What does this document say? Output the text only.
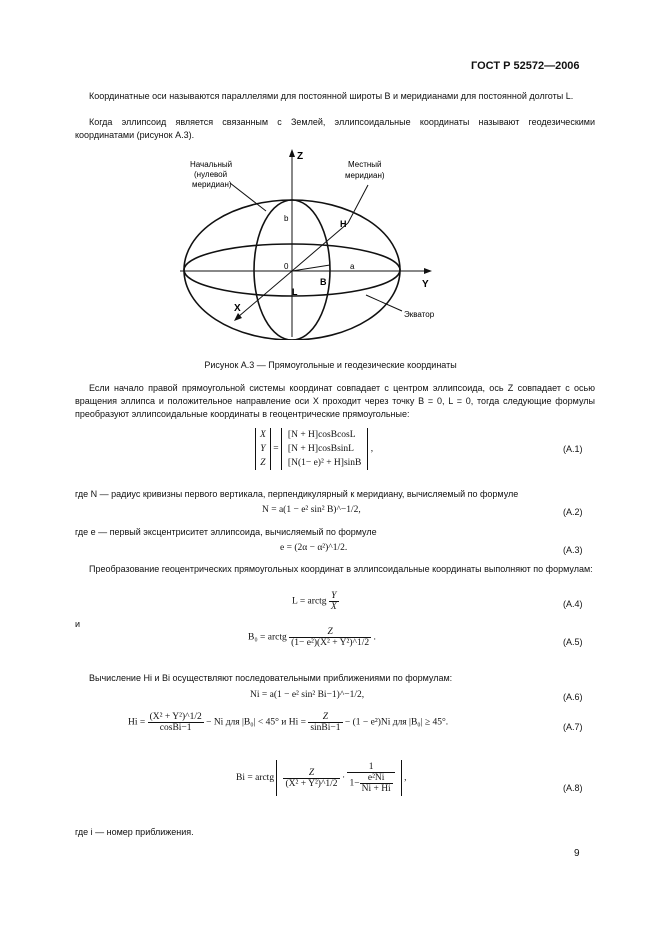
ГОСТ Р 52572—2006
Координатные оси называются параллелями для постоянной широты B и меридианами для постоянной долготы L.
Когда эллипсоид является связанным с Землей, эллипсоидальные координаты называют геодезическими координатами (рисунок А.3).
Начальный
(нулевой
меридиан)
Местный
меридиан)
Z
Y
X
H
b
a
0
B
L
Экватор
Рисунок А.3 — Прямоугольные и геодезические координаты
Если начало правой прямоугольной системы координат совпадает с центром эллипсоида, ось Z совпадает с осью вращения эллипса и положительное направление оси X проходит через точку B = 0, L = 0, тогда следующие формулы преобразуют эллипсоидальные координаты в геоцентрические прямоугольные:
X
Y
Z = [N + H]cosBcosL
[N + H]cosBsinL
[N(1− e)² + H]sinB ,	(А.1)
где N — радиус кривизны первого вертикала, перпендикулярный к меридиану, вычисляемый по формуле
N = a(1 − e² sin² B)^−1/2,	(А.2)
где e — первый эксцентриситет эллипсоида, вычисляемый по формуле
e = (2α − α²)^1/2.	(А.3)
Преобразование геоцентрических прямоугольных координат в эллипсоидальные координаты выполняют по формулам:
L = arctg $\frac{Y}{X}$	(А.4)
и
B₀ = arctg $\frac{Z}{\text{(1− e²)(X² + Y²)\textasciicircum{}1/2}}$ .	(А.5)
Вычисление Hi и Bi осуществляют последовательными приближениями по формулам:
Ni = a(1 − e² sin² Bi−1)^−1/2,	(А.6)
$Hi = \frac{\text{(X² + Y²)\textasciicircum{}1/2}}{\text{cosBi−1}} - Ni$ для |B₀| < 45° и $Hi = \frac{Z}{\text{sinBi−1}} - (1 - e^2)Ni$ для |B₀| ≥ 45°.	(А.7)
Bi = arctg $\frac{Z}{\text{(X² + Y²)\textasciicircum{}1/2}} \cdot \frac{1}{1- \frac{\text{e²Ni}}{Ni + Hi}}$ ,
(А.8)
где i — номер приближения.
9
